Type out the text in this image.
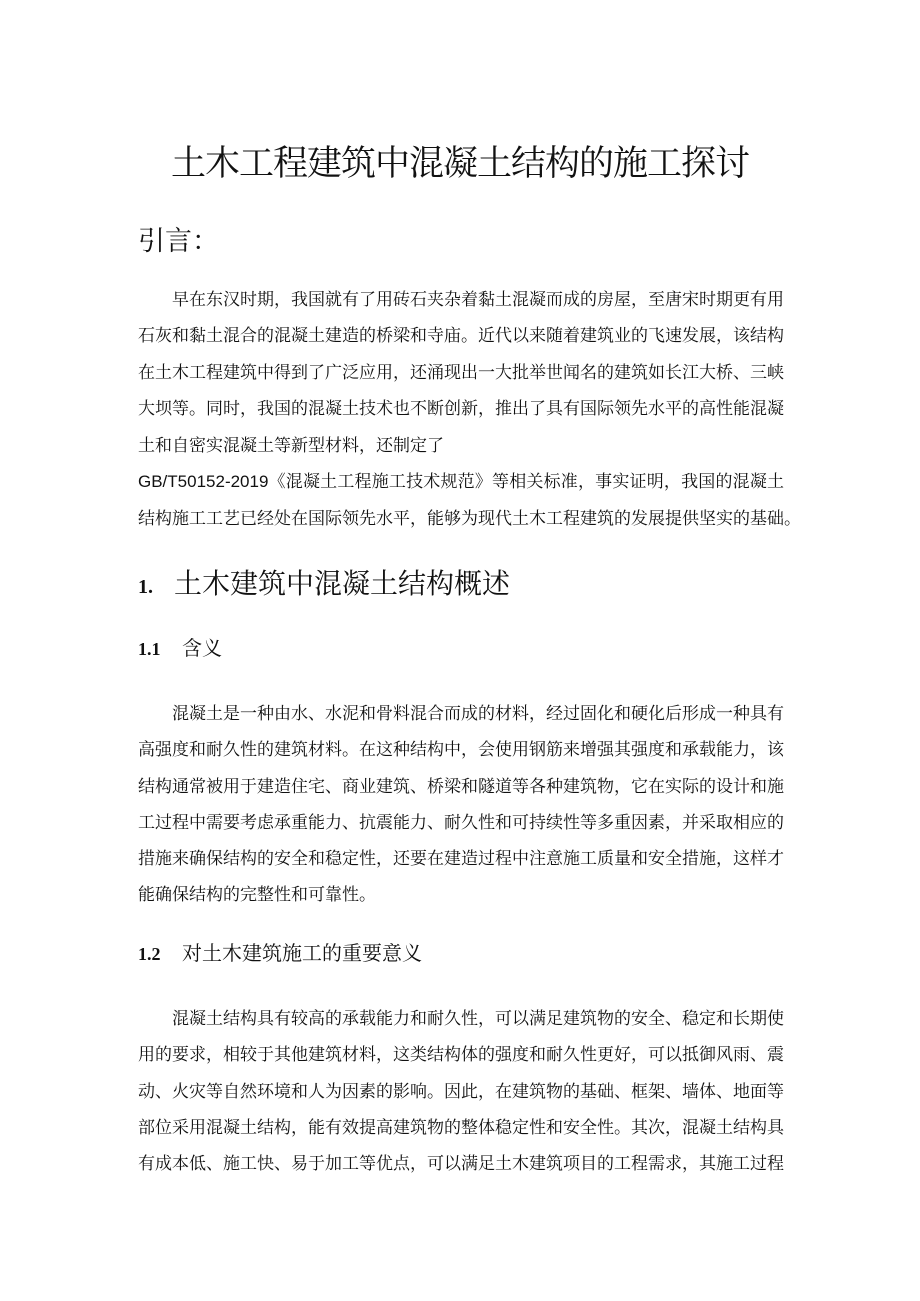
土木工程建筑中混凝土结构的施工探讨
引言：
早在东汉时期，我国就有了用砖石夹杂着黏土混凝而成的房屋，至唐宋时期更有用
石灰和黏土混合的混凝土建造的桥梁和寺庙。近代以来随着建筑业的飞速发展，该结构
在土木工程建筑中得到了广泛应用，还涌现出一大批举世闻名的建筑如长江大桥、三峡
大坝等。同时，我国的混凝土技术也不断创新，推出了具有国际领先水平的高性能混凝
土和自密实混凝土等新型材料，还制定了
GB/T50152-2019《混凝土工程施工技术规范》等相关标准，事实证明，我国的混凝土
结构施工工艺已经处在国际领先水平，能够为现代土木工程建筑的发展提供坚实的基础。
1. 土木建筑中混凝土结构概述
1.1 含义
混凝土是一种由水、水泥和骨料混合而成的材料，经过固化和硬化后形成一种具有
高强度和耐久性的建筑材料。在这种结构中，会使用钢筋来增强其强度和承载能力，该
结构通常被用于建造住宅、商业建筑、桥梁和隧道等各种建筑物，它在实际的设计和施
工过程中需要考虑承重能力、抗震能力、耐久性和可持续性等多重因素，并采取相应的
措施来确保结构的安全和稳定性，还要在建造过程中注意施工质量和安全措施，这样才
能确保结构的完整性和可靠性。
1.2 对土木建筑施工的重要意义
混凝土结构具有较高的承载能力和耐久性，可以满足建筑物的安全、稳定和长期使
用的要求，相较于其他建筑材料，这类结构体的强度和耐久性更好，可以抵御风雨、震
动、火灾等自然环境和人为因素的影响。因此，在建筑物的基础、框架、墙体、地面等
部位采用混凝土结构，能有效提高建筑物的整体稳定性和安全性。其次，混凝土结构具
有成本低、施工快、易于加工等优点，可以满足土木建筑项目的工程需求，其施工过程
